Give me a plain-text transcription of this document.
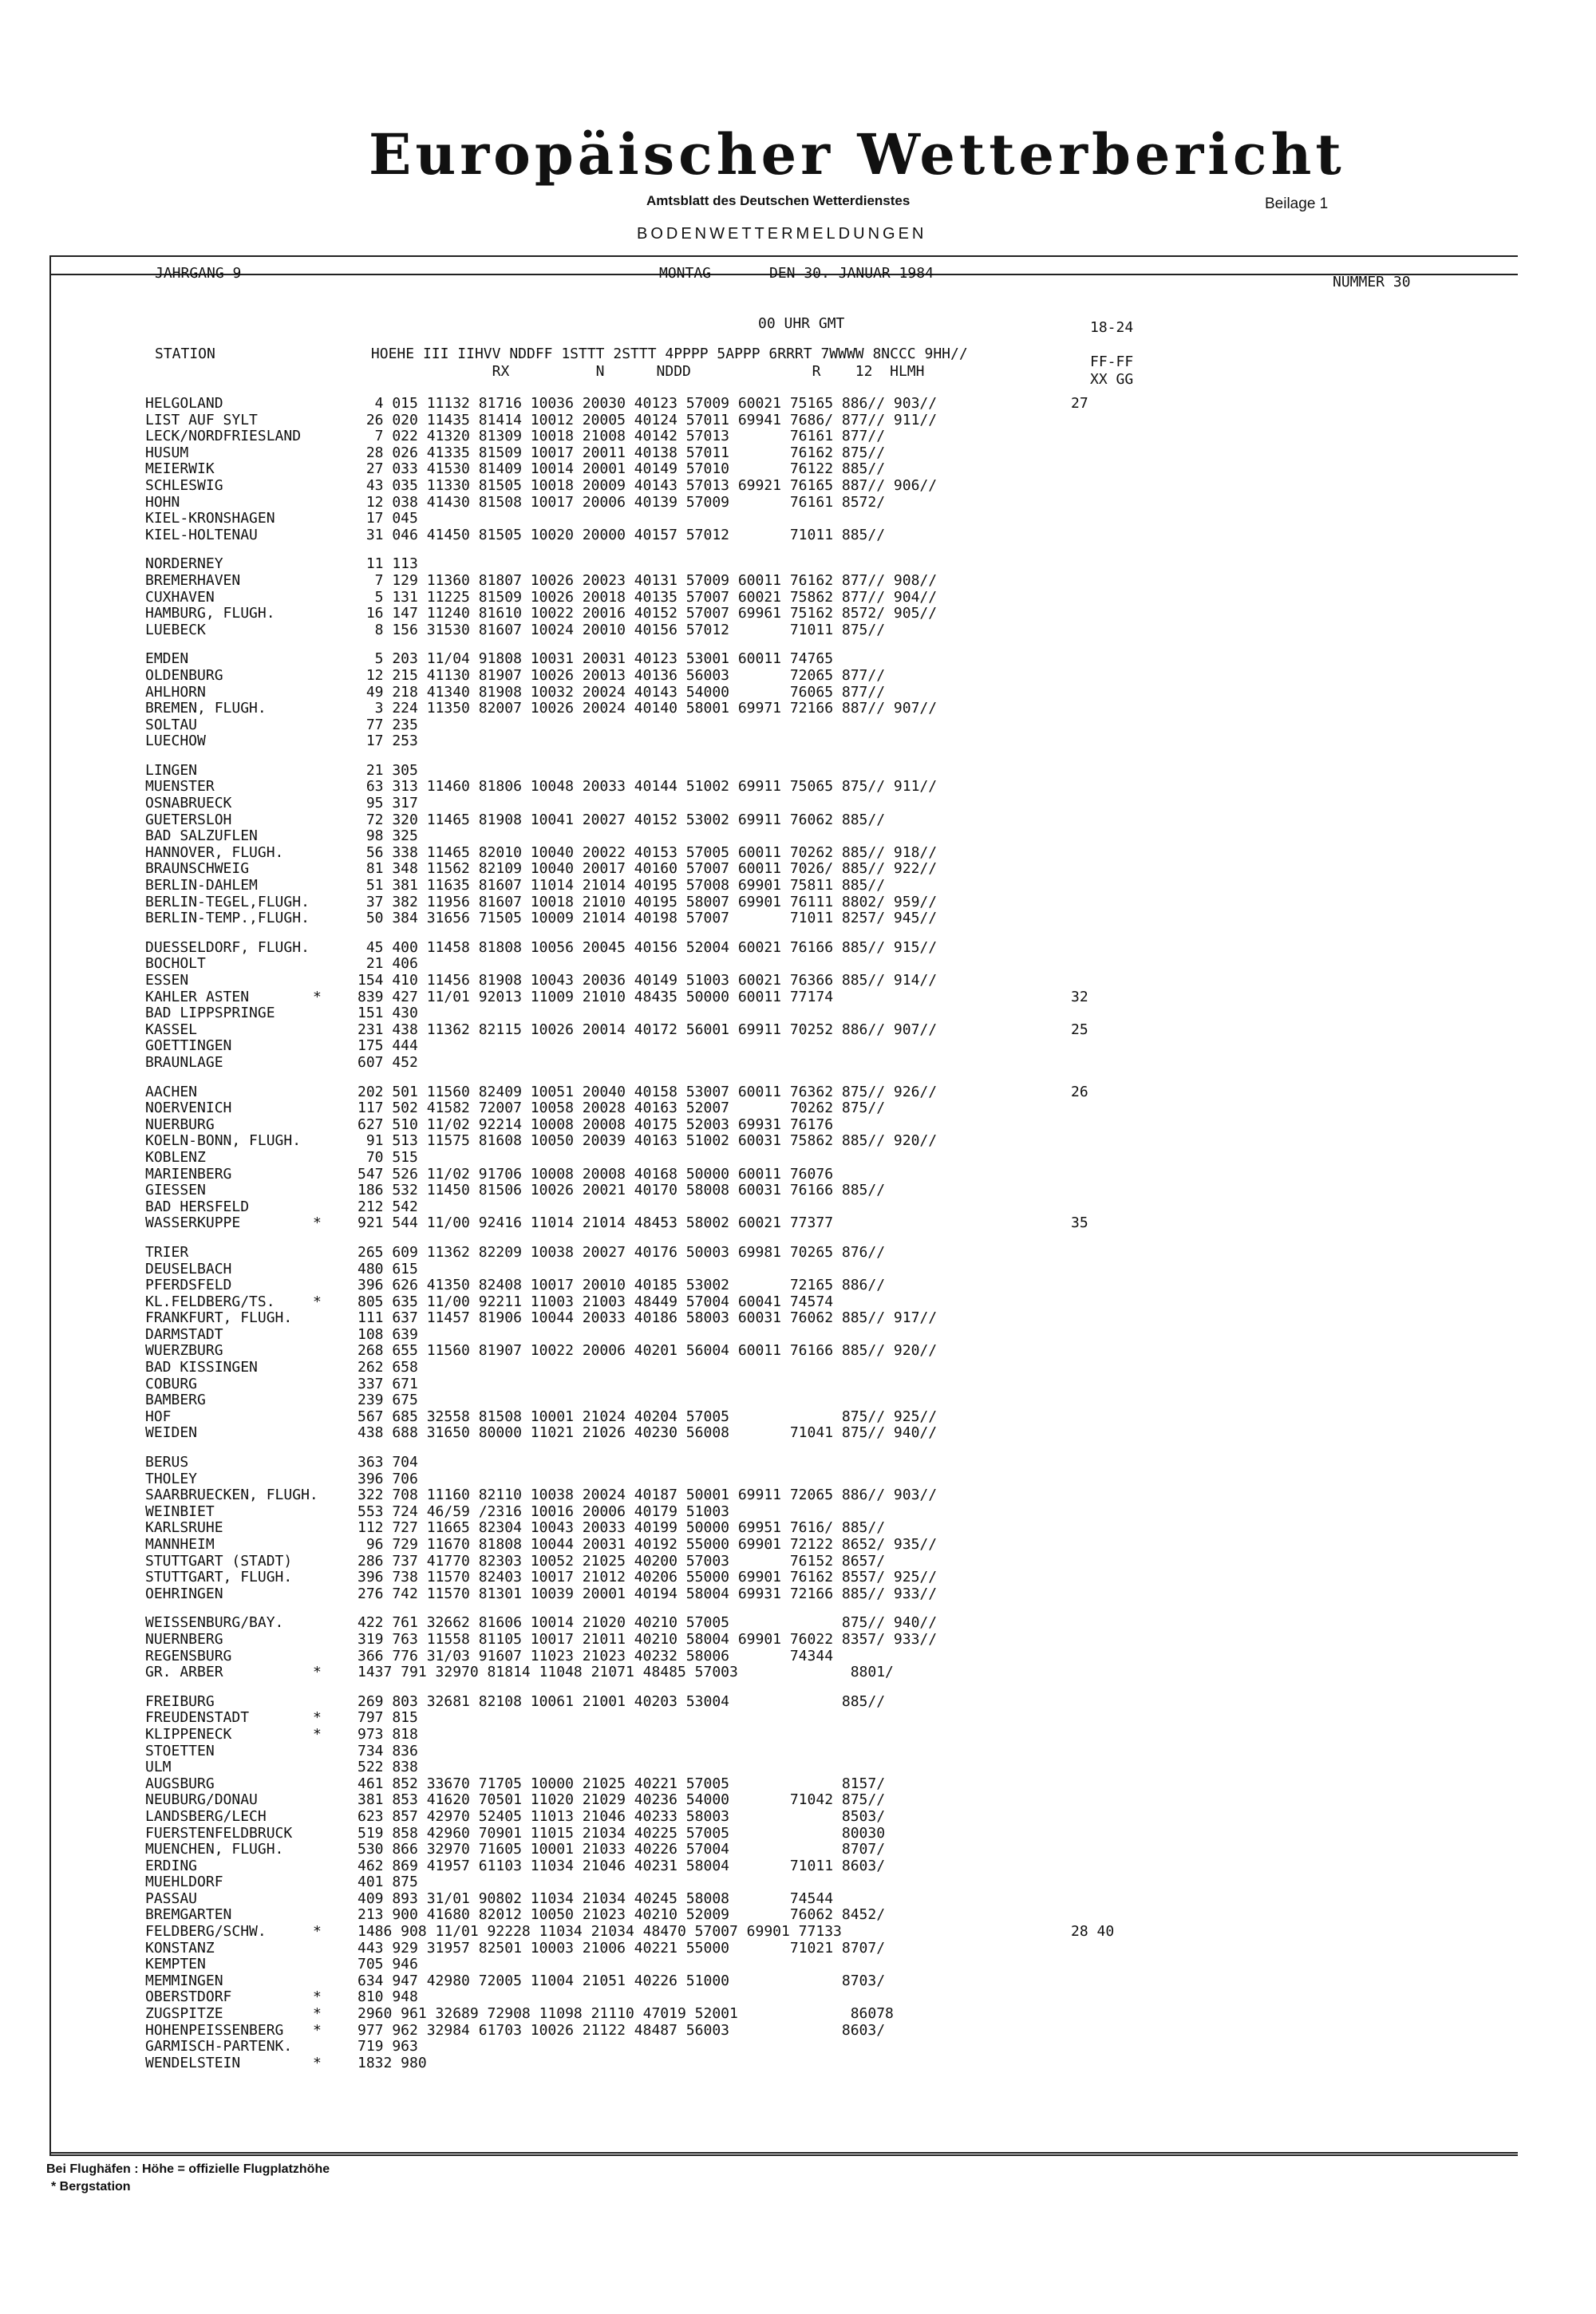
Europäischer Wetterbericht
Amtsblatt des Deutschen Wetterdienstes	Beilage 1
BODENWETTERMELDUNGEN
JAHRGANG 9	MONTAG	DEN 30. JANUAR 1984
NUMMER 30
00 UHR GMT	18-24
STATION                  HOEHE III IIHVV NDDFF 1STTT 2STTT 4PPPP 5APPP 6RRRT 7WWWW 8NCCC 9HH//
RX          N      NDDD              R    12  HLMH
FF-FF
XX GG
HELGOLAND	4 015 11132 81716 10036 20030 40123 57009 60021 75165 886// 903//	27
LIST AUF SYLT	26 020 11435 81414 10012 20005 40124 57011 69941 7686/ 877// 911//
LECK/NORDFRIESLAND	7 022 41320 81309 10018 21008 40142 57013       76161 877//
HUSUM	28 026 41335 81509 10017 20011 40138 57011       76162 875//
MEIERWIK	27 033 41530 81409 10014 20001 40149 57010       76122 885//
SCHLESWIG	43 035 11330 81505 10018 20009 40143 57013 69921 76165 887// 906//
HOHN	12 038 41430 81508 10017 20006 40139 57009       76161 8572/
KIEL-KRONSHAGEN	17 045
KIEL-HOLTENAU	31 046 41450 81505 10020 20000 40157 57012       71011 885//
NORDERNEY	11 113
BREMERHAVEN	7 129 11360 81807 10026 20023 40131 57009 60011 76162 877// 908//
CUXHAVEN	5 131 11225 81509 10026 20018 40135 57007 60021 75862 877// 904//
HAMBURG, FLUGH.	16 147 11240 81610 10022 20016 40152 57007 69961 75162 8572/ 905//
LUEBECK	8 156 31530 81607 10024 20010 40156 57012       71011 875//
EMDEN	5 203 11/04 91808 10031 20031 40123 53001 60011 74765
OLDENBURG	12 215 41130 81907 10026 20013 40136 56003       72065 877//
AHLHORN	49 218 41340 81908 10032 20024 40143 54000       76065 877//
BREMEN, FLUGH.	3 224 11350 82007 10026 20024 40140 58001 69971 72166 887// 907//
SOLTAU	77 235
LUECHOW	17 253
LINGEN	21 305
MUENSTER	63 313 11460 81806 10048 20033 40144 51002 69911 75065 875// 911//
OSNABRUECK	95 317
GUETERSLOH	72 320 11465 81908 10041 20027 40152 53002 69911 76062 885//
BAD SALZUFLEN	98 325
HANNOVER, FLUGH.	56 338 11465 82010 10040 20022 40153 57005 60011 70262 885// 918//
BRAUNSCHWEIG	81 348 11562 82109 10040 20017 40160 57007 60011 7026/ 885// 922//
BERLIN-DAHLEM	51 381 11635 81607 11014 21014 40195 57008 69901 75811 885//
BERLIN-TEGEL,FLUGH.	37 382 11956 81607 10018 21010 40195 58007 69901 76111 8802/ 959//
BERLIN-TEMP.,FLUGH.	50 384 31656 71505 10009 21014 40198 57007       71011 8257/ 945//
DUESSELDORF, FLUGH.	45 400 11458 81808 10056 20045 40156 52004 60021 76166 885// 915//
BOCHOLT	21 406
ESSEN	154 410 11456 81908 10043 20036 40149 51003 60021 76366 885// 914//
KAHLER ASTEN	*	839 427 11/01 92013 11009 21010 48435 50000 60011 77174	32
BAD LIPPSPRINGE	151 430
KASSEL	231 438 11362 82115 10026 20014 40172 56001 69911 70252 886// 907//	25
GOETTINGEN	175 444
BRAUNLAGE	607 452
AACHEN	202 501 11560 82409 10051 20040 40158 53007 60011 76362 875// 926//	26
NOERVENICH	117 502 41582 72007 10058 20028 40163 52007       70262 875//
NUERBURG	627 510 11/02 92214 10008 20008 40175 52003 69931 76176
KOELN-BONN, FLUGH.	91 513 11575 81608 10050 20039 40163 51002 60031 75862 885// 920//
KOBLENZ	70 515
MARIENBERG	547 526 11/02 91706 10008 20008 40168 50000 60011 76076
GIESSEN	186 532 11450 81506 10026 20021 40170 58008 60031 76166 885//
BAD HERSFELD	212 542
WASSERKUPPE	*	921 544 11/00 92416 11014 21014 48453 58002 60021 77377	35
TRIER	265 609 11362 82209 10038 20027 40176 50003 69981 70265 876//
DEUSELBACH	480 615
PFERDSFELD	396 626 41350 82408 10017 20010 40185 53002       72165 886//
KL.FELDBERG/TS.	*	805 635 11/00 92211 11003 21003 48449 57004 60041 74574
FRANKFURT, FLUGH.	111 637 11457 81906 10044 20033 40186 58003 60031 76062 885// 917//
DARMSTADT	108 639
WUERZBURG	268 655 11560 81907 10022 20006 40201 56004 60011 76166 885// 920//
BAD KISSINGEN	262 658
COBURG	337 671
BAMBERG	239 675
HOF	567 685 32558 81508 10001 21024 40204 57005             875// 925//
WEIDEN	438 688 31650 80000 11021 21026 40230 56008       71041 875// 940//
BERUS	363 704
THOLEY	396 706
SAARBRUECKEN, FLUGH.	322 708 11160 82110 10038 20024 40187 50001 69911 72065 886// 903//
WEINBIET	553 724 46/59 /2316 10016 20006 40179 51003
KARLSRUHE	112 727 11665 82304 10043 20033 40199 50000 69951 7616/ 885//
MANNHEIM	96 729 11670 81808 10044 20031 40192 55000 69901 72122 8652/ 935//
STUTTGART (STADT)	286 737 41770 82303 10052 21025 40200 57003       76152 8657/
STUTTGART, FLUGH.	396 738 11570 82403 10017 21012 40206 55000 69901 76162 8557/ 925//
OEHRINGEN	276 742 11570 81301 10039 20001 40194 58004 69931 72166 885// 933//
WEISSENBURG/BAY.	422 761 32662 81606 10014 21020 40210 57005             875// 940//
NUERNBERG	319 763 11558 81105 10017 21011 40210 58004 69901 76022 8357/ 933//
REGENSBURG	366 776 31/03 91607 11023 21023 40232 58006       74344
GR. ARBER	*	1437 791 32970 81814 11048 21071 48485 57003             8801/
FREIBURG	269 803 32681 82108 10061 21001 40203 53004             885//
FREUDENSTADT	*	797 815
KLIPPENECK	*	973 818
STOETTEN	734 836
ULM	522 838
AUGSBURG	461 852 33670 71705 10000 21025 40221 57005             8157/
NEUBURG/DONAU	381 853 41620 70501 11020 21029 40236 54000       71042 875//
LANDSBERG/LECH	623 857 42970 52405 11013 21046 40233 58003             8503/
FUERSTENFELDBRUCK	519 858 42960 70901 11015 21034 40225 57005             80030
MUENCHEN, FLUGH.	530 866 32970 71605 10001 21033 40226 57004             8707/
ERDING	462 869 41957 61103 11034 21046 40231 58004       71011 8603/
MUEHLDORF	401 875
PASSAU	409 893 31/01 90802 11034 21034 40245 58008       74544
BREMGARTEN	213 900 41680 82012 10050 21023 40210 52009       76062 8452/
FELDBERG/SCHW.	*	1486 908 11/01 92228 11034 21034 48470 57007 69901 77133	28 40
KONSTANZ	443 929 31957 82501 10003 21006 40221 55000       71021 8707/
KEMPTEN	705 946
MEMMINGEN	634 947 42980 72005 11004 21051 40226 51000             8703/
OBERSTDORF	*	810 948
ZUGSPITZE	*	2960 961 32689 72908 11098 21110 47019 52001             86078
HOHENPEISSENBERG	*	977 962 32984 61703 10026 21122 48487 56003             8603/
GARMISCH-PARTENK.	719 963
WENDELSTEIN	*	1832 980
Bei Flughäfen : Höhe = offizielle Flugplatzhöhe
* Bergstation
